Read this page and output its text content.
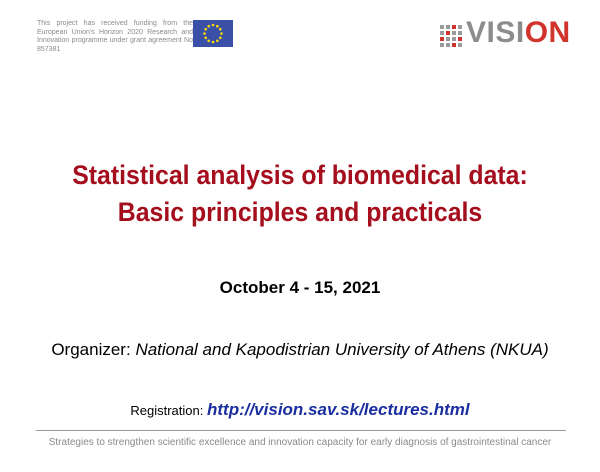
This project has received funding from the European Union's Horizon 2020 Research and Innovation programme under grant agreement No 857381	VISION
Statistical analysis of biomedical data:
Basic principles and practicals
October 4 - 15, 2021
Organizer: National and Kapodistrian University of Athens (NKUA)
Registration: http://vision.sav.sk/lectures.html
Strategies to strengthen scientific excellence and innovation capacity for early diagnosis of gastrointestinal cancer
